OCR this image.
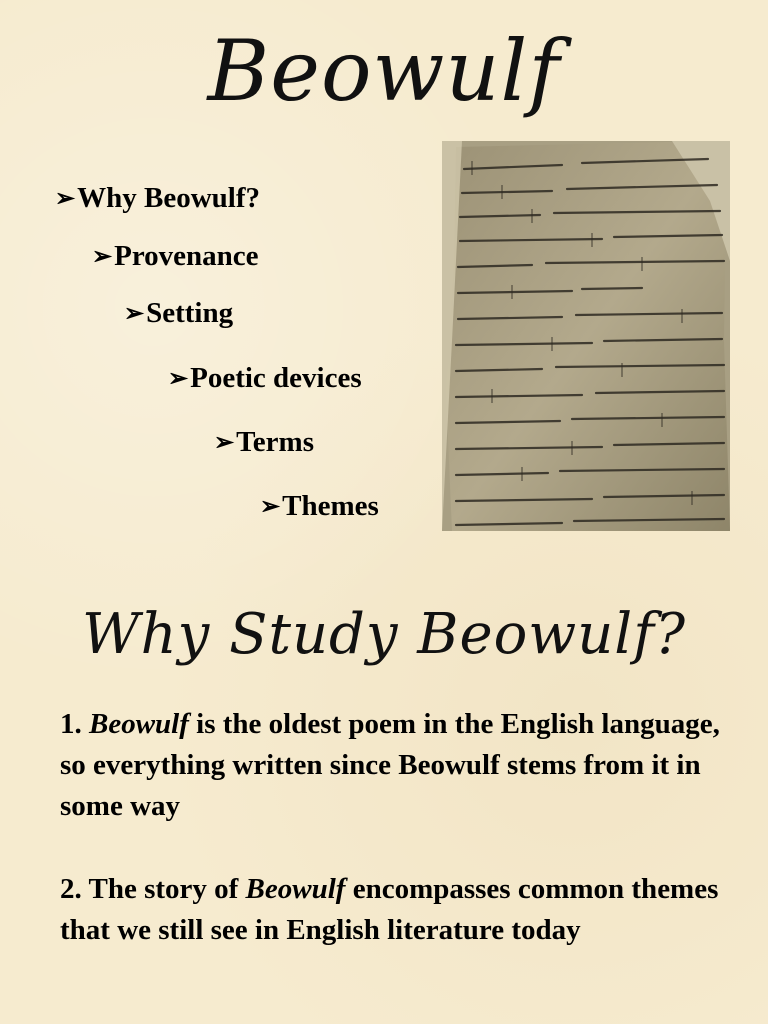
Beowulf
➢ Why Beowulf?
➢ Provenance
➢ Setting
➢ Poetic devices
➢ Terms
➢ Themes
Why Study Beowulf?
1. Beowulf is the oldest poem in the English language, so everything written since Beowulf stems from it in some way
2. The story of Beowulf encompasses common themes that we still see in English literature today
